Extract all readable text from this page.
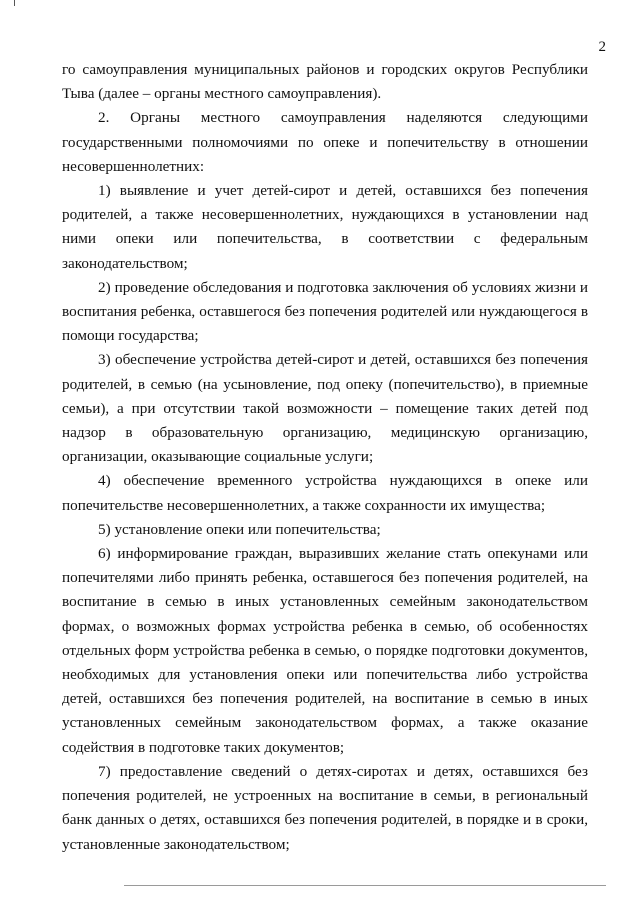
2

го самоуправления муниципальных районов и городских округов Республики Тыва (далее – органы местного самоуправления).

2. Органы местного самоуправления наделяются следующими государственными полномочиями по опеке и попечительству в отношении несовершеннолетних:

1) выявление и учет детей-сирот и детей, оставшихся без попечения родителей, а также несовершеннолетних, нуждающихся в установлении над ними опеки или попечительства, в соответствии с федеральным законодательством;

2) проведение обследования и подготовка заключения об условиях жизни и воспитания ребенка, оставшегося без попечения родителей или нуждающегося в помощи государства;

3) обеспечение устройства детей-сирот и детей, оставшихся без попечения родителей, в семью (на усыновление, под опеку (попечительство), в приемные семьи), а при отсутствии такой возможности – помещение таких детей под надзор в образовательную организацию, медицинскую организацию, организации, оказывающие социальные услуги;

4) обеспечение временного устройства нуждающихся в опеке или попечительстве несовершеннолетних, а также сохранности их имущества;

5) установление опеки или попечительства;

6) информирование граждан, выразивших желание стать опекунами или попечителями либо принять ребенка, оставшегося без попечения родителей, на воспитание в семью в иных установленных семейным законодательством формах, о возможных формах устройства ребенка в семью, об особенностях отдельных форм устройства ребенка в семью, о порядке подготовки документов, необходимых для установления опеки или попечительства либо устройства детей, оставшихся без попечения родителей, на воспитание в семью в иных установленных семейным законодательством формах, а также оказание содействия в подготовке таких документов;

7) предоставление сведений о детях-сиротах и детях, оставшихся без попечения родителей, не устроенных на воспитание в семьи, в региональный банк данных о детях, оставшихся без попечения родителей, в порядке и в сроки, установленные законодательством;
